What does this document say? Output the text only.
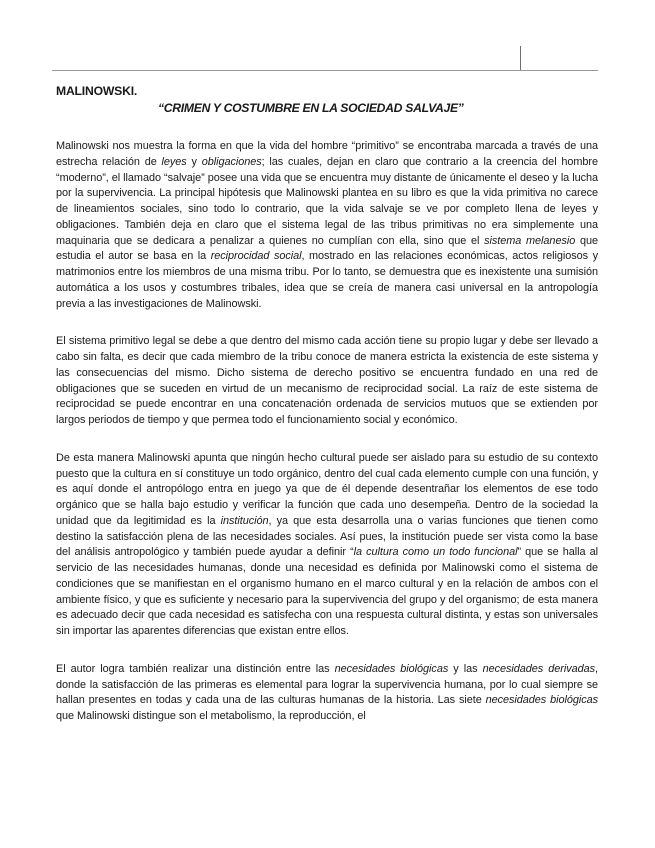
MALINOWSKI.

“CRIMEN Y COSTUMBRE EN LA SOCIEDAD SALVAJE”

Malinowski nos muestra la forma en que la vida del hombre “primitivo” se encontraba marcada a través de una estrecha relación de leyes y obligaciones; las cuales, dejan en claro que contrario a la creencia del hombre “moderno”, el llamado “salvaje” posee una vida que se encuentra muy distante de únicamente el deseo y la lucha por la supervivencia. La principal hipótesis que Malinowski plantea en su libro es que la vida primitiva no carece de lineamientos sociales, sino todo lo contrario, que la vida salvaje se ve por completo llena de leyes y obligaciones. También deja en claro que el sistema legal de las tribus primitivas no era simplemente una maquinaria que se dedicara a penalizar a quienes no cumplían con ella, sino que el sistema melanesio que estudia el autor se basa en la reciprocidad social, mostrado en las relaciones económicas, actos religiosos y matrimonios entre los miembros de una misma tribu. Por lo tanto, se demuestra que es inexistente una sumisión automática a los usos y costumbres tribales, idea que se creía de manera casi universal en la antropología previa a las investigaciones de Malinowski.

El sistema primitivo legal se debe a que dentro del mismo cada acción tiene su propio lugar y debe ser llevado a cabo sin falta, es decir que cada miembro de la tribu conoce de manera estricta la existencia de este sistema y las consecuencias del mismo. Dicho sistema de derecho positivo se encuentra fundado en una red de obligaciones que se suceden en virtud de un mecanismo de reciprocidad social. La raíz de este sistema de reciprocidad se puede encontrar en una concatenación ordenada de servicios mutuos que se extienden por largos periodos de tiempo y que permea todo el funcionamiento social y económico.

De esta manera Malinowski apunta que ningún hecho cultural puede ser aislado para su estudio de su contexto puesto que la cultura en sí constituye un todo orgánico, dentro del cual cada elemento cumple con una función, y es aquí donde el antropólogo entra en juego ya que de él depende desentrañar los elementos de ese todo orgánico que se halla bajo estudio y verificar la función que cada uno desempeña. Dentro de la sociedad la unidad que da legitimidad es la institución, ya que esta desarrolla una o varias funciones que tienen como destino la satisfacción plena de las necesidades sociales. Así pues, la institución puede ser vista como la base del análisis antropológico y también puede ayudar a definir “la cultura como un todo funcional” que se halla al servicio de las necesidades humanas, donde una necesidad es definida por Malinowski como el sistema de condiciones que se manifiestan en el organismo humano en el marco cultural y en la relación de ambos con el ambiente físico, y que es suficiente y necesario para la supervivencia del grupo y del organismo; de esta manera es adecuado decir que cada necesidad es satisfecha con una respuesta cultural distinta, y estas son universales sin importar las aparentes diferencias que existan entre ellos.

El autor logra también realizar una distinción entre las necesidades biológicas y las necesidades derivadas, donde la satisfacción de las primeras es elemental para lograr la supervivencia humana, por lo cual siempre se hallan presentes en todas y cada una de las culturas humanas de la historia. Las siete necesidades biológicas que Malinowski distingue son el metabolismo, la reproducción, el
